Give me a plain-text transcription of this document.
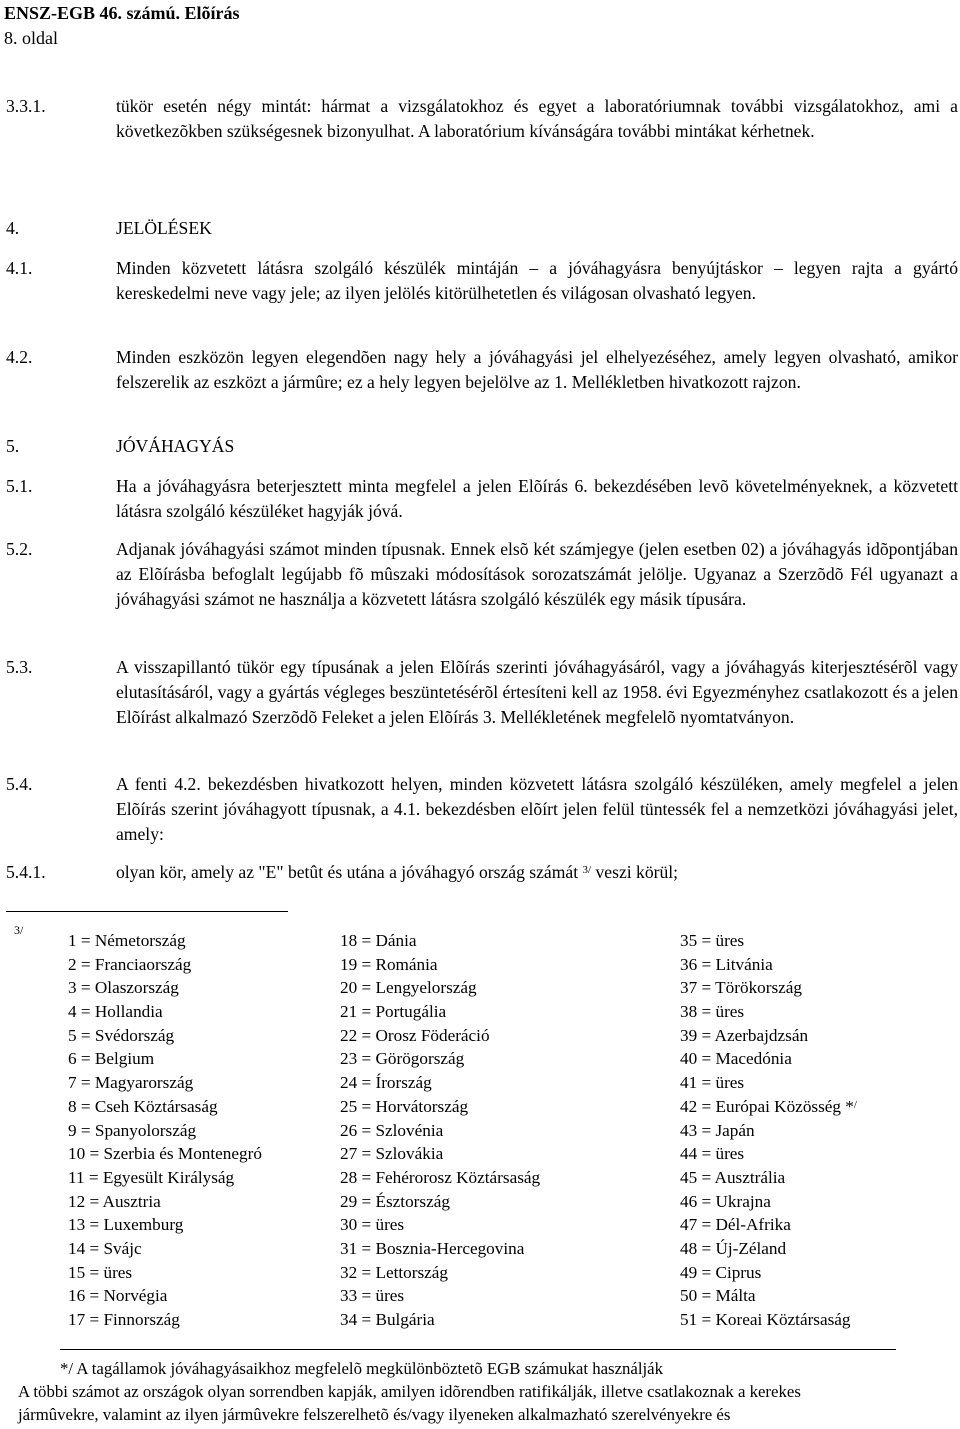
ENSZ-EGB 46. számú. Elõírás
8. oldal
3.3.1.	tükör esetén négy mintát: hármat a vizsgálatokhoz és egyet a laboratóriumnak további vizsgálatokhoz, ami a következõkben szükségesnek bizonyulhat. A laboratórium kívánságára további mintákat kérhetnek.
4.	JELÖLÉSEK
4.1.	Minden közvetett látásra szolgáló készülék mintáján – a jóváhagyásra benyújtáskor – legyen rajta a gyártó kereskedelmi neve vagy jele; az ilyen jelölés kitörülhetetlen és világosan olvasható legyen.
4.2.	Minden eszközön legyen elegendõen nagy hely a jóváhagyási jel elhelyezéséhez, amely legyen olvasható, amikor felszerelik az eszközt a jármûre; ez a hely legyen bejelölve az 1. Mellékletben hivatkozott rajzon.
5.	JÓVÁHAGYÁS
5.1.	Ha a jóváhagyásra beterjesztett minta megfelel a jelen Elõírás 6. bekezdésében levõ követelményeknek, a közvetett látásra szolgáló készüléket hagyják jóvá.
5.2.	Adjanak jóváhagyási számot minden típusnak. Ennek elsõ két számjegye (jelen esetben 02) a jóváhagyás idõpontjában az Elõírásba befoglalt legújabb fõ mûszaki módosítások sorozatszámát jelölje. Ugyanaz a Szerzõdõ Fél ugyanazt a jóváhagyási számot ne használja a közvetett látásra szolgáló készülék egy másik típusára.
5.3.	A visszapillantó tükör egy típusának a jelen Elõírás szerinti jóváhagyásáról, vagy a jóváhagyás kiterjesztésérõl vagy elutasításáról, vagy a gyártás végleges beszüntetésérõl értesíteni kell az 1958. évi Egyezményhez csatlakozott és a jelen Elõírást alkalmazó Szerzõdõ Feleket a jelen Elõírás 3. Mellékletének megfelelõ nyomtatványon.
5.4.	A fenti 4.2. bekezdésben hivatkozott helyen, minden közvetett látásra szolgáló készüléken, amely megfelel a jelen Elõírás szerint jóváhagyott típusnak, a 4.1. bekezdésben elõírt jelen felül tüntessék fel a nemzetközi jóváhagyási jelet, amely:
5.4.1.	olyan kör, amely az "E" betût és utána a jóváhagyó ország számát $^{3/}$ veszi körül;
3/
1 = Németország
2 = Franciaország
3 = Olaszország
4 = Hollandia
5 = Svédország
6 = Belgium
7 = Magyarország
8 = Cseh Köztársaság
9 = Spanyolország
10 = Szerbia és Montenegró
11 = Egyesült Királyság
12 = Ausztria
13 = Luxemburg
14 = Svájc
15 = üres
16 = Norvégia
17 = Finnország
18 = Dánia
19 = Románia
20 = Lengyelország
21 = Portugália
22 = Orosz Föderáció
23 = Görögország
24 = Írország
25 = Horvátország
26 = Szlovénia
27 = Szlovákia
28 = Fehérorosz Köztársaság
29 = Észtország
30 = üres
31 = Bosznia-Hercegovina
32 = Lettország
33 = üres
34 = Bulgária
35 = üres
36 = Litvánia
37 = Törökország
38 = üres
39 = Azerbajdzsán
40 = Macedónia
41 = üres
42 = Európai Közösség */
43 = Japán
44 = üres
45 = Ausztrália
46 = Ukrajna
47 = Dél-Afrika
48 = Új-Zéland
49 = Ciprus
50 = Málta
51 = Koreai Köztársaság
*/ A tagállamok jóváhagyásaikhoz megfelelõ megkülönböztetõ EGB számukat használják
A többi számot az országok olyan sorrendben kapják, amilyen idõrendben ratifikálják, illetve csatlakoznak a kerekes
jármûvekre, valamint az ilyen jármûvekre felszerelhetõ és/vagy ilyeneken alkalmazható szerelvényekre és
